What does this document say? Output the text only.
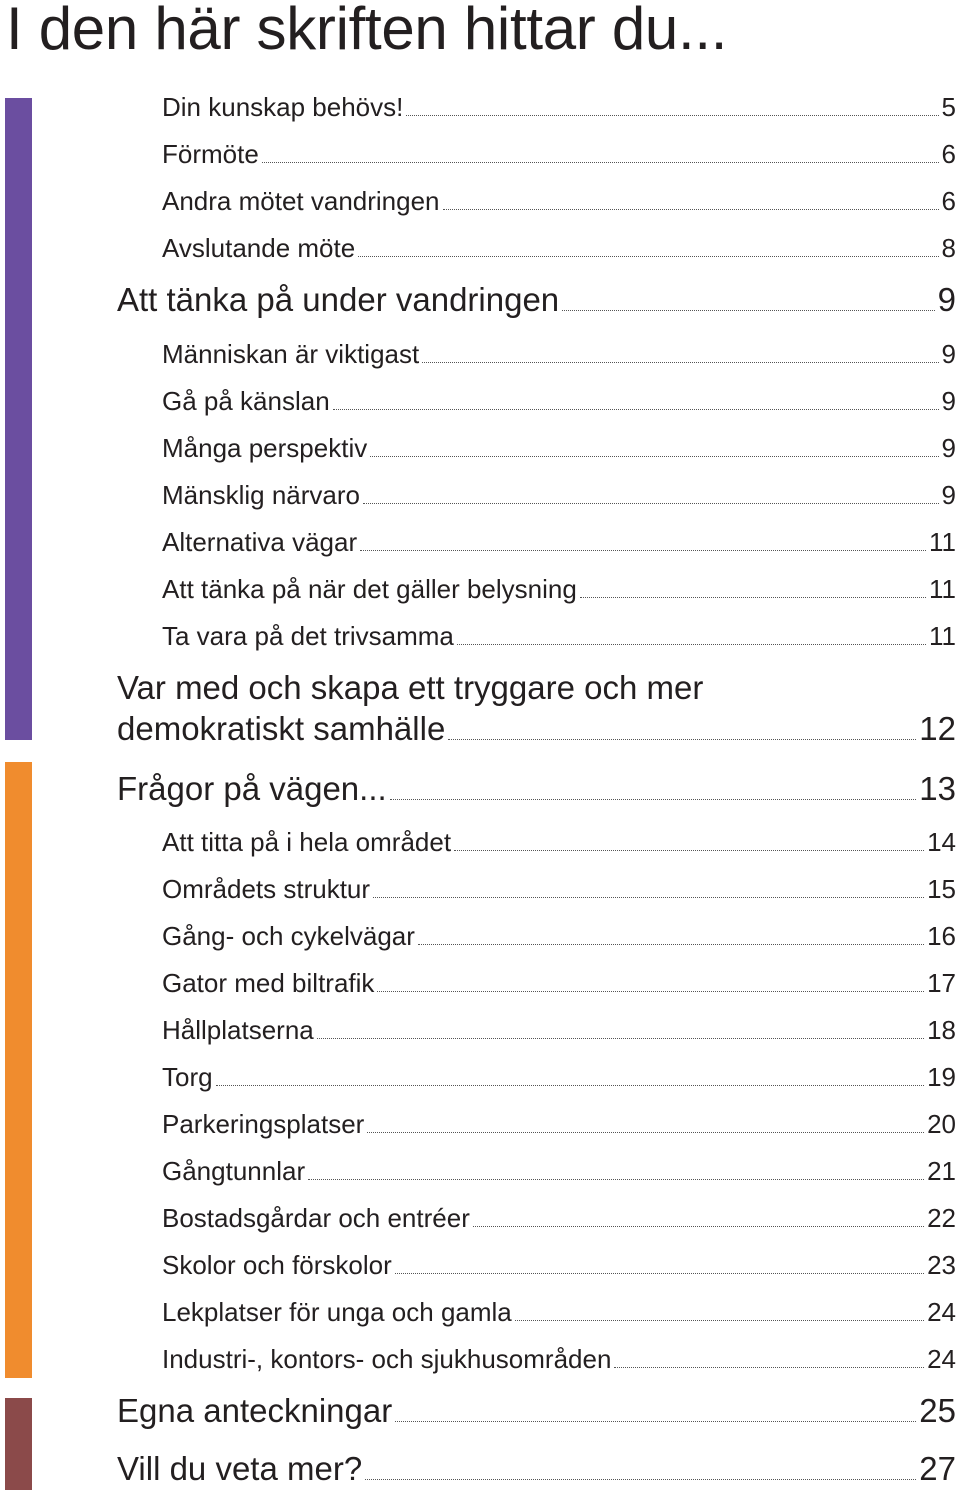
I den här skriften hittar du...
Din kunskap behövs!	5
Förmöte	6
Andra mötet vandringen	6
Avslutande möte	8
Att tänka på under vandringen	9
Människan är viktigast	9
Gå på känslan	9
Många perspektiv	9
Mänsklig närvaro	9
Alternativa vägar	11
Att tänka på när det gäller belysning	11
Ta vara på det trivsamma	11
Var med och skapa ett tryggare och mer
demokratiskt samhälle	12
Frågor på vägen...	13
Att titta på i hela området	14
Områdets struktur	15
Gång- och cykelvägar	16
Gator med biltrafik	17
Hållplatserna	18
Torg	19
Parkeringsplatser	20
Gångtunnlar	21
Bostadsgårdar och entréer	22
Skolor och förskolor	23
Lekplatser för unga och gamla	24
Industri-, kontors- och sjukhusområden	24
Egna anteckningar	25
Vill du veta mer?	27
